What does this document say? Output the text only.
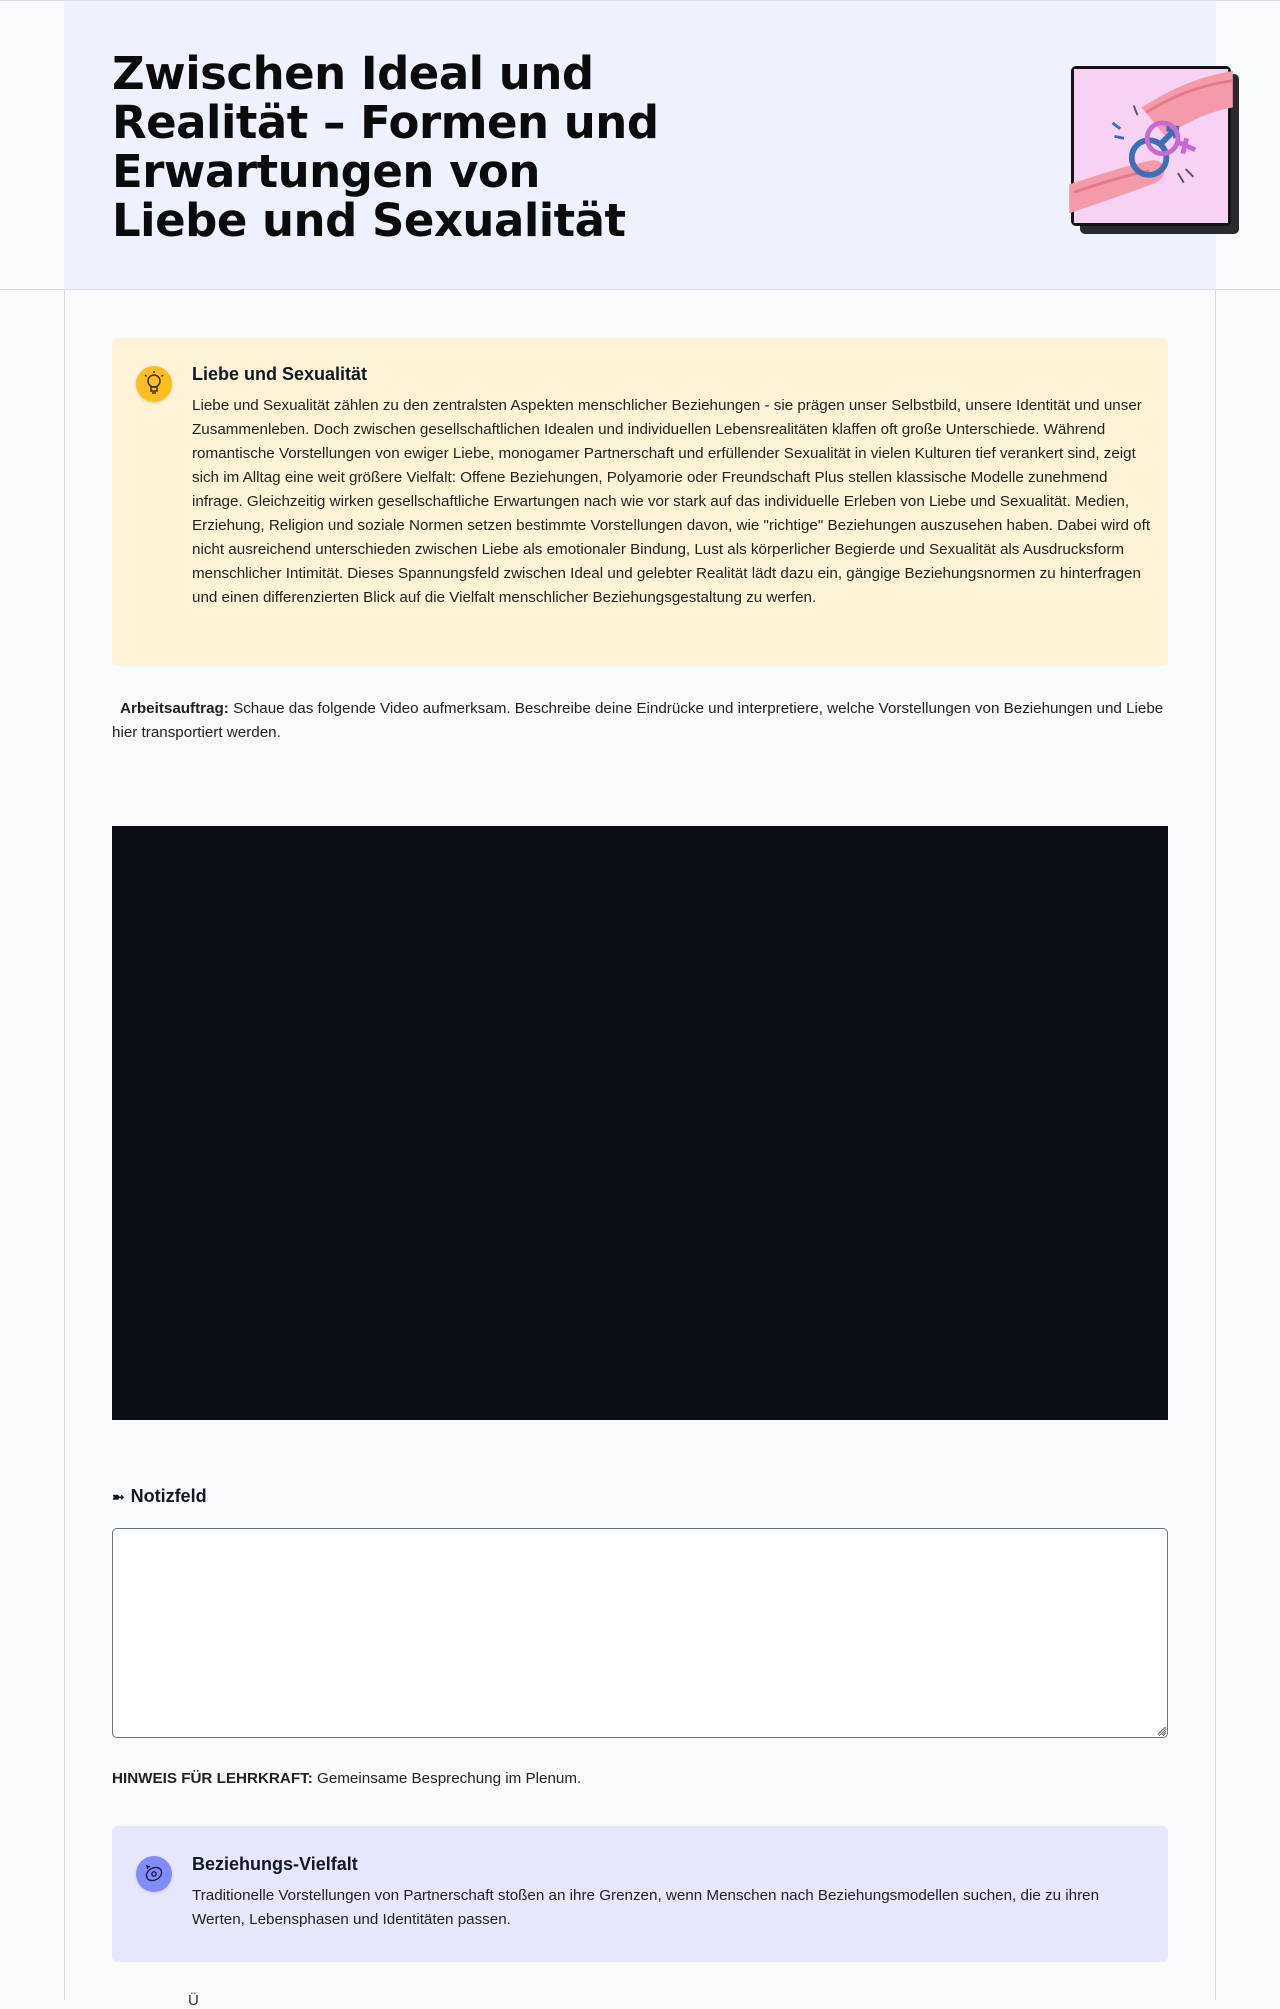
Zwischen Ideal und Realität – Formen und Erwartungen von Liebe und Sexualität
Liebe und Sexualität

Liebe und Sexualität zählen zu den zentralsten Aspekten menschlicher Beziehungen - sie prägen unser Selbstbild, unsere Identität und unser Zusammenleben. Doch zwischen gesellschaftlichen Idealen und individuellen Lebensrealitäten klaffen oft große Unterschiede. Während romantische Vorstellungen von ewiger Liebe, monogamer Partnerschaft und erfüllender Sexualität in vielen Kulturen tief verankert sind, zeigt sich im Alltag eine weit größere Vielfalt: Offene Beziehungen, Polyamorie oder Freundschaft Plus stellen klassische Modelle zunehmend infrage. Gleichzeitig wirken gesellschaftliche Erwartungen nach wie vor stark auf das individuelle Erleben von Liebe und Sexualität. Medien, Erziehung, Religion und soziale Normen setzen bestimmte Vorstellungen davon, wie "richtige" Beziehungen auszusehen haben. Dabei wird oft nicht ausreichend unterschieden zwischen Liebe als emotionaler Bindung, Lust als körperlicher Begierde und Sexualität als Ausdrucksform menschlicher Intimität. Dieses Spannungsfeld zwischen Ideal und gelebter Realität lädt dazu ein, gängige Beziehungsnormen zu hinterfragen und einen differenzierten Blick auf die Vielfalt menschlicher Beziehungsgestaltung zu werfen.

Arbeitsauftrag: Schaue das folgende Video aufmerksam. Beschreibe deine Eindrücke und interpretiere, welche Vorstellungen von Beziehungen und Liebe hier transportiert werden.

➼ Notizfeld

HINWEIS FÜR LEHRKRAFT: Gemeinsame Besprechung im Plenum.

Beziehungs-Vielfalt

Traditionelle Vorstellungen von Partnerschaft stoßen an ihre Grenzen, wenn Menschen nach Beziehungsmodellen suchen, die zu ihren Werten, Lebensphasen und Identitäten passen.

Ü
